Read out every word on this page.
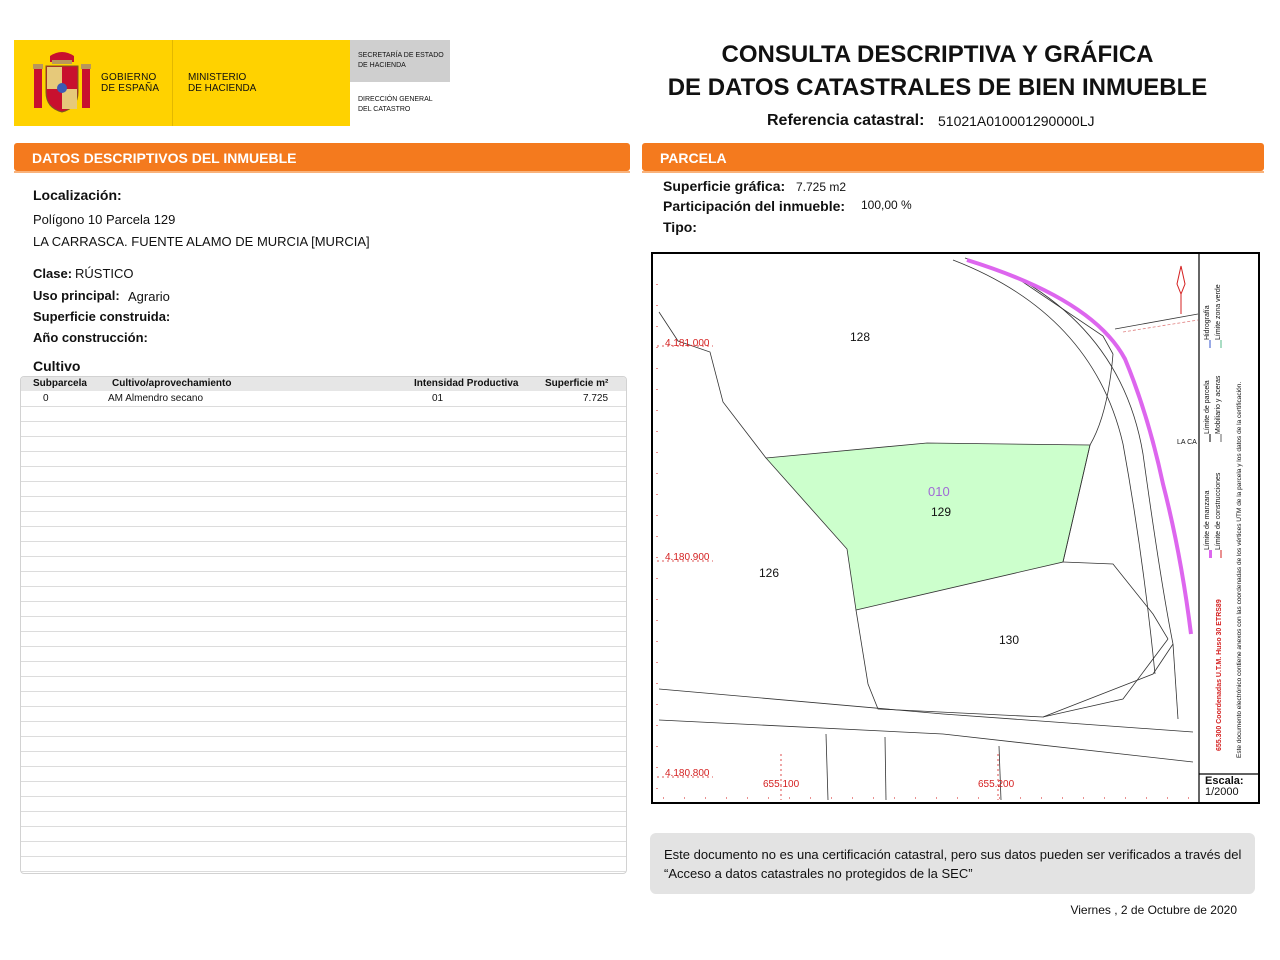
GOBIERNO
DE ESPAÑA
MINISTERIO
DE HACIENDA
SECRETARÍA DE ESTADO
DE HACIENDA
DIRECCIÓN GENERAL
DEL CATASTRO
CONSULTA DESCRIPTIVA Y GRÁFICA
DE DATOS CATASTRALES DE BIEN INMUEBLE
Referencia catastral: 51021A010001290000LJ
DATOS DESCRIPTIVOS DEL INMUEBLE
Localización:
Polígono 10 Parcela 129
LA CARRASCA. FUENTE ALAMO DE MURCIA [MURCIA]
Clase: RÚSTICO
Uso principal: Agrario
Superficie construida:
Año construcción:
Cultivo
Subparcela	Cultivo/aprovechamiento	Intensidad Productiva	Superficie m²
0	AM Almendro secano	01	7.725
PARCELA
Superficie gráfica: 7.725 m2
Participación del inmueble: 100,00 %
Tipo:
128
126
130
010
129
LA CA
4.181.000
4.180.900
4.180.800
655.100	655.200
Límite de manzana
Límite de parcela
Hidrografía
Límite de construcciones
Mobiliario y aceras
Límite zona verde
655.300 Coordenadas U.T.M. Huso 30 ETRS89	Este documento electrónico contiene anexos con las coordenadas de los vértices UTM de la parcela y los datos de la certificación.
Escala:
1/2000
Este documento no es una certificación catastral, pero sus datos pueden ser verificados a través del “Acceso a datos catastrales no protegidos de la SEC”
Viernes , 2 de Octubre de 2020
